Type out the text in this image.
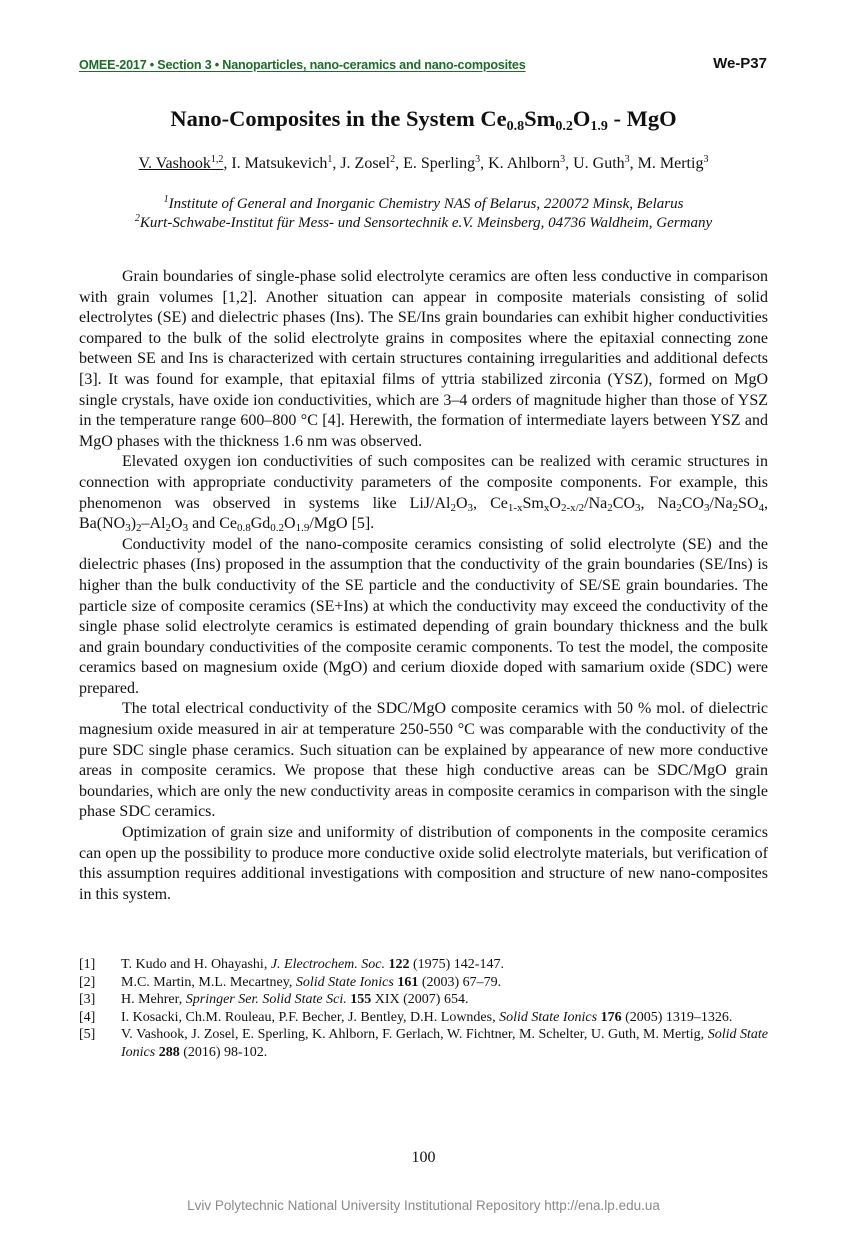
OMEE-2017 • Section 3 • Nanoparticles, nano-ceramics and nano-composites	We-P37
Nano-Composites in the System $Ce_{0.8}Sm_{0.2}O_{1.9}$ - MgO
V. Vashook$^{1,2}$, I. Matsukevich$^1$, J. Zosel$^2$, E. Sperling$^3$, K. Ahlborn$^3$, U. Guth$^3$, M. Mertig$^3$
$^1$Institute of General and Inorganic Chemistry NAS of Belarus, 220072 Minsk, Belarus
$^2$Kurt-Schwabe-Institut für Mess- und Sensortechnik e.V. Meinsberg, 04736 Waldheim, Germany

Grain boundaries of single-phase solid electrolyte ceramics are often less conductive in comparison with grain volumes [1,2]. Another situation can appear in composite materials consisting of solid electrolytes (SE) and dielectric phases (Ins). The SE/Ins grain boundaries can exhibit higher conductivities compared to the bulk of the solid electrolyte grains in composites where the epitaxial connecting zone between SE and Ins is characterized with certain structures containing irregularities and additional defects [3]. It was found for example, that epitaxial films of yttria stabilized zirconia (YSZ), formed on MgO single crystals, have oxide ion conductivities, which are 3–4 orders of magnitude higher than those of YSZ in the temperature range 600–800 °C [4]. Herewith, the formation of intermediate layers between YSZ and MgO phases with the thickness 1.6 nm was observed.

Elevated oxygen ion conductivities of such composites can be realized with ceramic structures in connection with appropriate conductivity parameters of the composite components. For example, this phenomenon was observed in systems like LiJ/$Al_2O_3$, $Ce_{1-x}Sm_xO_{2-x/2}/Na_2CO_3$, $Na_2CO_3/Na_2SO_4$, $Ba(NO_3)_2-Al_2O_3$ and $Ce_{0.8}Gd_{0.2}O_{1.9}$/MgO [5].

Conductivity model of the nano-composite ceramics consisting of solid electrolyte (SE) and the dielectric phases (Ins) proposed in the assumption that the conductivity of the grain boundaries (SE/Ins) is higher than the bulk conductivity of the SE particle and the conductivity of SE/SE grain boundaries. The particle size of composite ceramics (SE+Ins) at which the conductivity may exceed the conductivity of the single phase solid electrolyte ceramics is estimated depending of grain boundary thickness and the bulk and grain boundary conductivities of the composite ceramic components. To test the model, the composite ceramics based on magnesium oxide (MgO) and cerium dioxide doped with samarium oxide (SDC) were prepared.

The total electrical conductivity of the SDC/MgO composite ceramics with 50 % mol. of dielectric magnesium oxide measured in air at temperature 250-550 °C was comparable with the conductivity of the pure SDC single phase ceramics. Such situation can be explained by appearance of new more conductive areas in composite ceramics. We propose that these high conductive areas can be SDC/MgO grain boundaries, which are only the new conductivity areas in composite ceramics in comparison with the single phase SDC ceramics.

Optimization of grain size and uniformity of distribution of components in the composite ceramics can open up the possibility to produce more conductive oxide solid electrolyte materials, but verification of this assumption requires additional investigations with composition and structure of new nano-composites in this system.

[1]	T. Kudo and H. Ohayashi, J. Electrochem. Soc. 122 (1975) 142-147.
[2]	M.C. Martin, M.L. Mecartney, Solid State Ionics 161 (2003) 67–79.
[3]	H. Mehrer, Springer Ser. Solid State Sci. 155 XIX (2007) 654.
[4]	I. Kosacki, Ch.M. Rouleau, P.F. Becher, J. Bentley, D.H. Lowndes, Solid State Ionics 176 (2005) 1319–1326.
[5]	V. Vashook, J. Zosel, E. Sperling, K. Ahlborn, F. Gerlach, W. Fichtner, M. Schelter, U. Guth, M. Mertig, Solid State Ionics 288 (2016) 98-102.
100
Lviv Polytechnic National University Institutional Repository http://ena.lp.edu.ua
